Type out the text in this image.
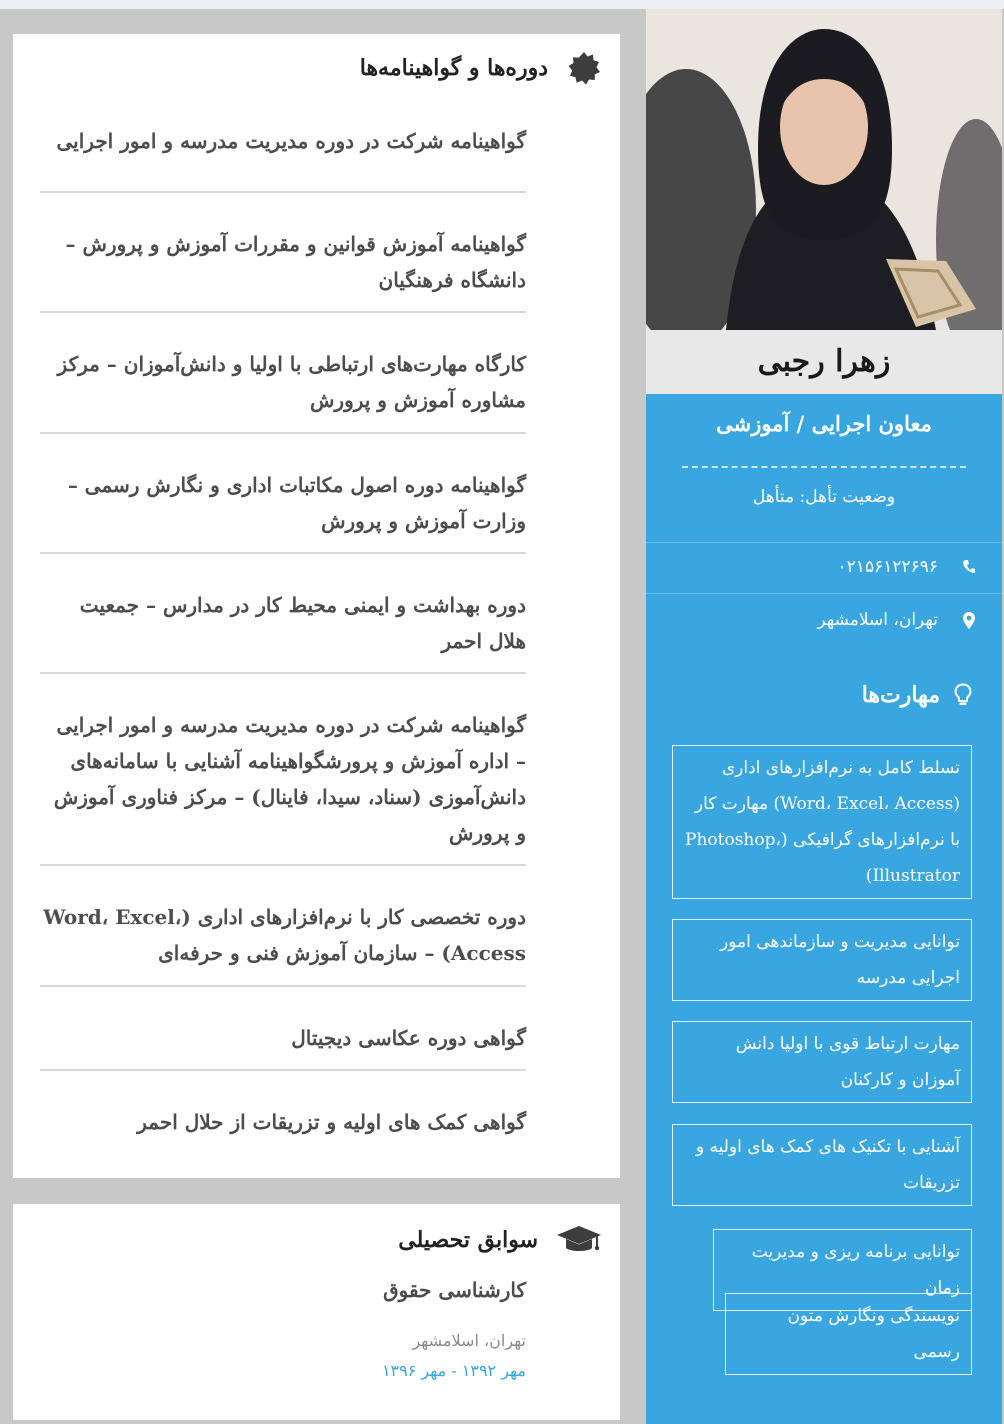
زهرا رجبی
معاون اجرایی / آموزشی
وضعیت تأهل: متأهل
۰۲۱۵۶۱۲۲۶۹۶
تهران، اسلامشهر
مهارت‌ها
تسلط کامل به نرم‌افزارهای اداری (Word، Excel، Access) مهارت کار با نرم‌افزارهای گرافیکی (Photoshop، Illustrator)
توانایی مدیریت و سازماندهی امور اجرایی مدرسه
مهارت ارتباط قوی با اولیا دانش آموزان و کارکنان
آشنایی با تکنیک های کمک های اولیه و تزریقات
توانایی برنامه ریزی و مدیریت زمان
نویسندگی ونگارش متون رسمی
دوره‌ها و گواهینامه‌ها
گواهینامه شرکت در دوره مدیریت مدرسه و امور اجرایی
گواهینامه آموزش قوانین و مقررات آموزش و پرورش – دانشگاه فرهنگیان
کارگاه مهارت‌های ارتباطی با اولیا و دانش‌آموزان – مرکز مشاوره آموزش و پرورش
گواهینامه دوره اصول مکاتبات اداری و نگارش رسمی – وزارت آموزش و پرورش
دوره بهداشت و ایمنی محیط کار در مدارس – جمعیت هلال احمر
گواهینامه شرکت در دوره مدیریت مدرسه و امور اجرایی – اداره آموزش و پرورشگواهینامه آشنایی با سامانه‌های دانش‌آموزی (سناد، سیدا، فاینال) – مرکز فناوری آموزش و پرورش
دوره تخصصی کار با نرم‌افزارهای اداری (Word، Excel، Access) – سازمان آموزش فنی و حرفه‌ای
گواهی دوره عکاسی دیجیتال
گواهی کمک های اولیه و تزریقات از حلال احمر
سوابق تحصیلی
کارشناسی حقوق
تهران، اسلامشهر
مهر ۱۳۹۲ - مهر ۱۳۹۶
